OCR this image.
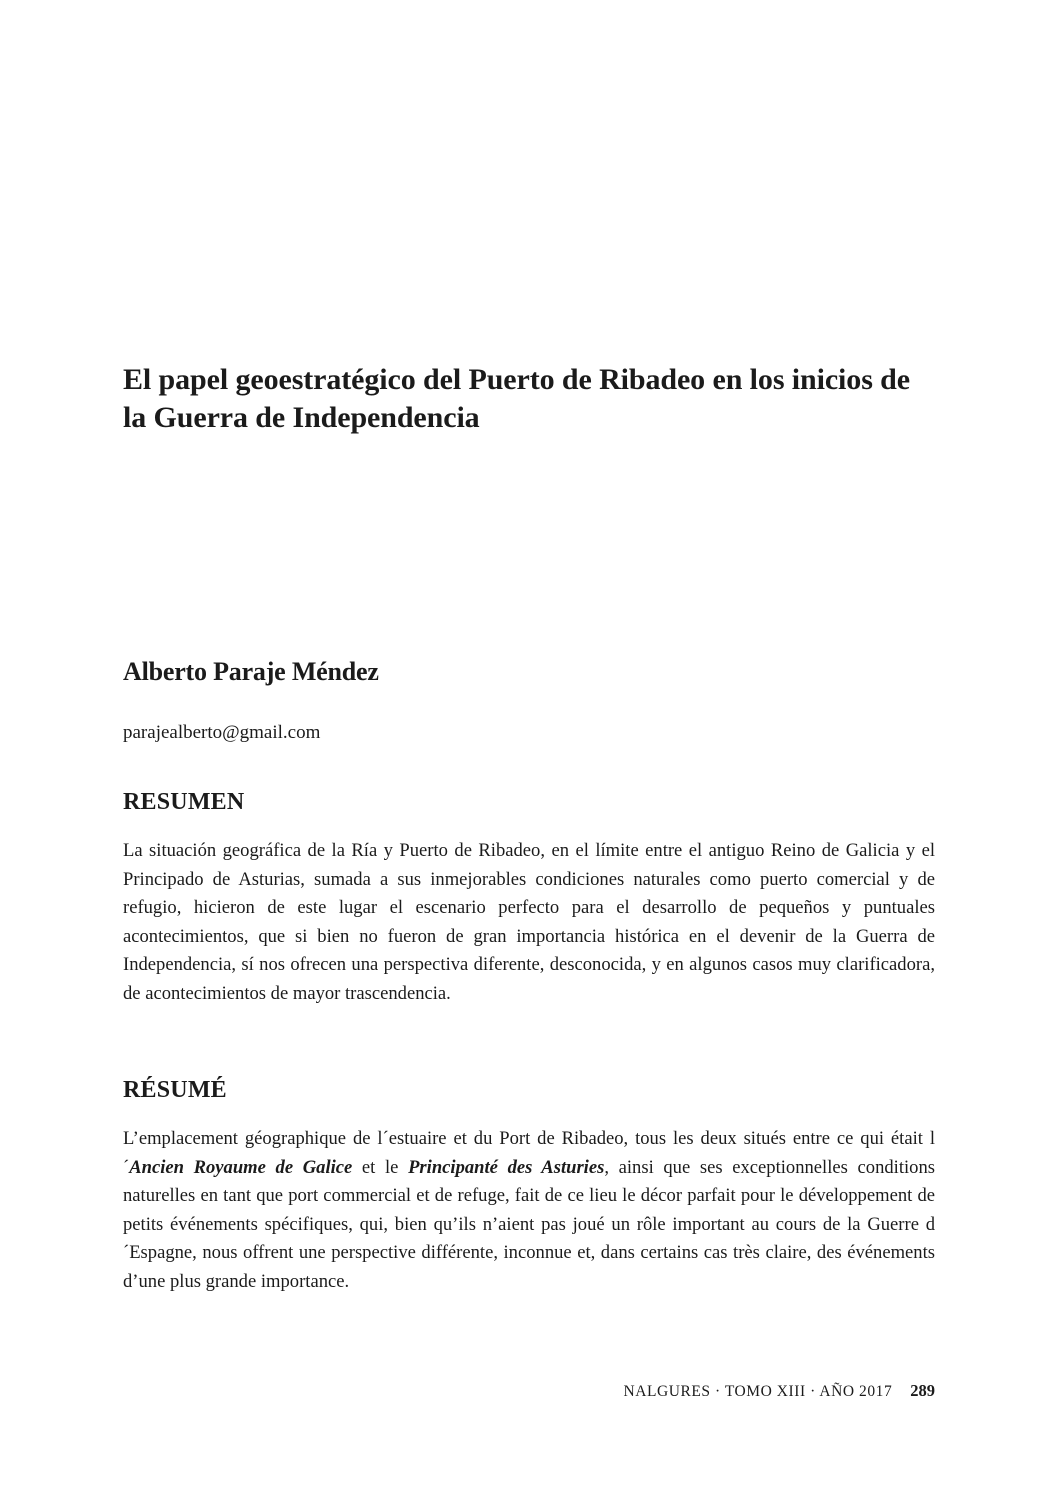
El papel geoestratégico del Puerto de Ribadeo en los inicios de la Guerra de Independencia
Alberto Paraje Méndez
parajealberto@gmail.com
RESUMEN

La situación geográfica de la Ría y Puerto de Ribadeo, en el límite entre el antiguo Reino de Galicia y el Principado de Asturias, sumada a sus inmejorables condiciones naturales como puerto comercial y de refugio, hicieron de este lugar el escenario perfecto para el desarrollo de pequeños y puntuales acontecimientos, que si bien no fueron de gran importancia histórica en el devenir de la Guerra de Independencia, sí nos ofrecen una perspectiva diferente, desconocida, y en algunos casos muy clarificadora, de acontecimientos de mayor trascendencia.

RÉSUMÉ

L’emplacement géographique de l´estuaire et du Port de Ribadeo, tous les deux situés entre ce qui était l´Ancien Royaume de Galice et le Principanté des Asturies, ainsi que ses exceptionnelles conditions naturelles en tant que port commercial et de refuge, fait de ce lieu le décor parfait pour le développement de petits événements spécifiques, qui, bien qu’ils n’aient pas joué un rôle important au cours de la Guerre d´Espagne, nous offrent une perspective différente, inconnue et, dans certains cas très claire, des événements d’une plus grande importance.

NALGURES · TOMO XIII · AÑO 2017 289
